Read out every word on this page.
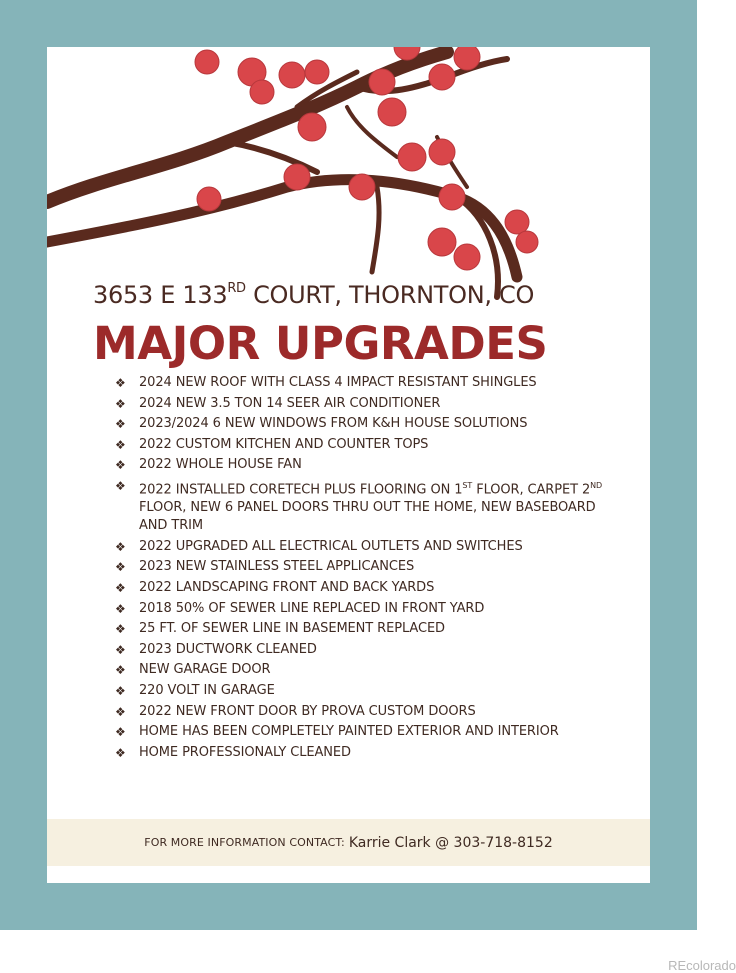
3653 E 133RD COURT, THORNTON, CO
MAJOR UPGRADES
❖ 2024 NEW ROOF WITH CLASS 4 IMPACT RESISTANT SHINGLES
❖ 2024 NEW 3.5 TON 14 SEER AIR CONDITIONER
❖ 2023/2024 6 NEW WINDOWS FROM K&H HOUSE SOLUTIONS
❖ 2022 CUSTOM KITCHEN AND COUNTER TOPS
❖ 2022 WHOLE HOUSE FAN
❖ 2022 INSTALLED CORETECH PLUS FLOORING ON 1ST FLOOR, CARPET 2ND FLOOR, NEW 6 PANEL DOORS THRU OUT THE HOME, NEW BASEBOARD AND TRIM
❖ 2022 UPGRADED ALL ELECTRICAL OUTLETS AND SWITCHES
❖ 2023 NEW STAINLESS STEEL APPLICANCES
❖ 2022 LANDSCAPING FRONT AND BACK YARDS
❖ 2018 50% OF SEWER LINE REPLACED IN FRONT YARD
❖ 25 FT. OF SEWER LINE IN BASEMENT REPLACED
❖ 2023 DUCTWORK CLEANED
❖ NEW GARAGE DOOR
❖ 220 VOLT IN GARAGE
❖ 2022 NEW FRONT DOOR BY PROVA CUSTOM DOORS
❖ HOME HAS BEEN COMPLETELY PAINTED EXTERIOR AND INTERIOR
❖ HOME PROFESSIONALY CLEANED
FOR MORE INFORMATION CONTACT: Karrie Clark @ 303-718-8152
REcolorado
